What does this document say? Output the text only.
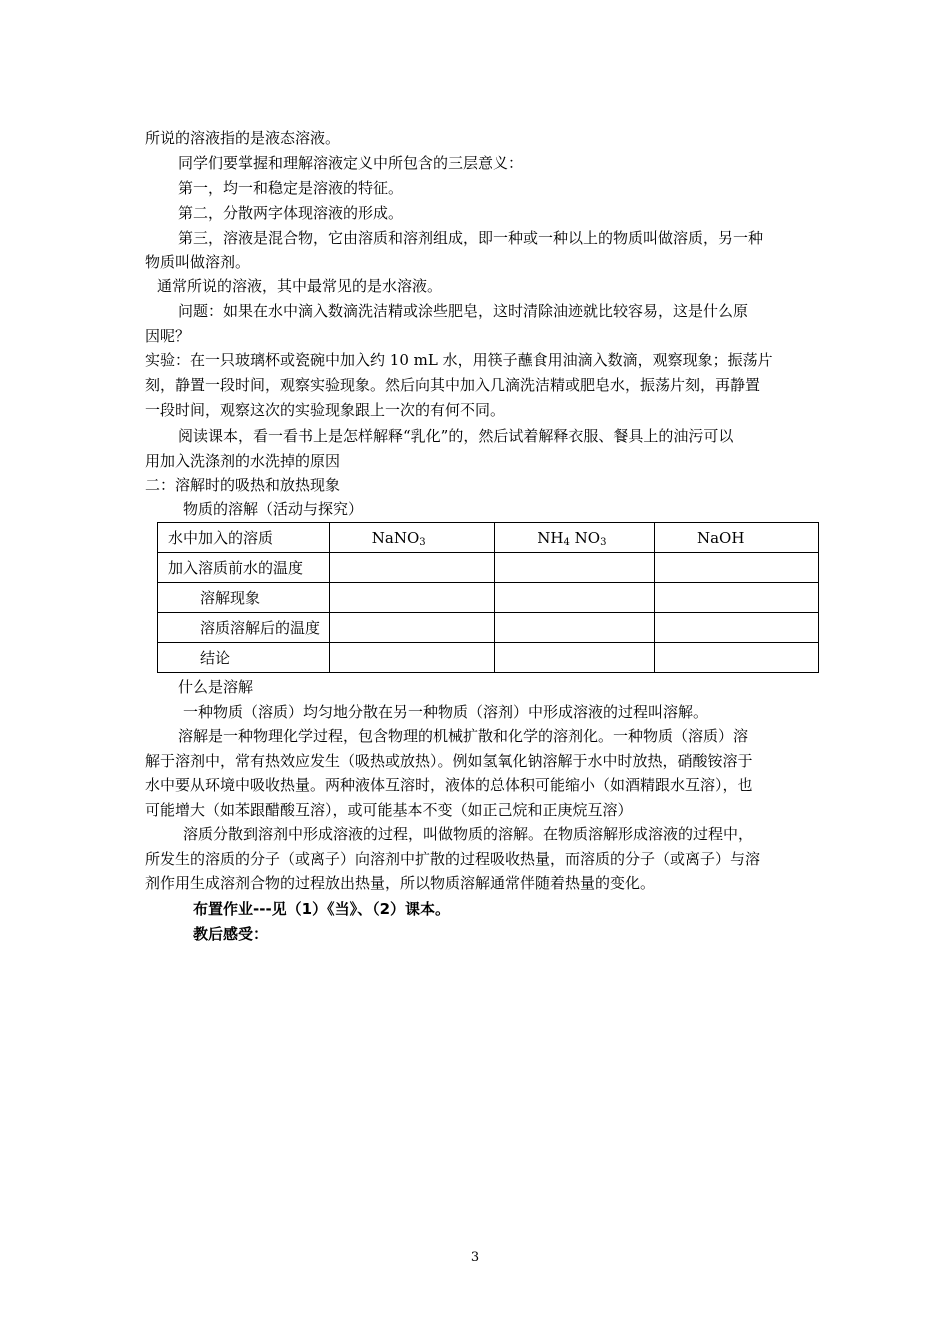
所说的溶液指的是液态溶液。
同学们要掌握和理解溶液定义中所包含的三层意义：
第一，均一和稳定是溶液的特征。
第二，分散两字体现溶液的形成。
第三，溶液是混合物，它由溶质和溶剂组成，即一种或一种以上的物质叫做溶质，另一种
物质叫做溶剂。
通常所说的溶液，其中最常见的是水溶液。
问题：如果在水中滴入数滴洗洁精或涂些肥皂，这时清除油迹就比较容易，这是什么原
因呢？
实验：在一只玻璃杯或瓷碗中加入约 10 mL 水，用筷子蘸食用油滴入数滴，观察现象；振荡片
刻，静置一段时间，观察实验现象。然后向其中加入几滴洗洁精或肥皂水，振荡片刻，再静置
一段时间，观察这次的实验现象跟上一次的有何不同。
阅读课本，看一看书上是怎样解释“乳化”的，然后试着解释衣服、餐具上的油污可以
用加入洗涤剂的水洗掉的原因
二：溶解时的吸热和放热现象
物质的溶解（活动与探究）
水中加入的溶质	NaNO$_3$	$NH_4$ $NO_3$	NaOH
加入溶质前水的温度			
溶解现象			
溶质溶解后的温度			
结论			
什么是溶解
一种物质（溶质）均匀地分散在另一种物质（溶剂）中形成溶液的过程叫溶解。
溶解是一种物理化学过程，包含物理的机械扩散和化学的溶剂化。一种物质（溶质）溶
解于溶剂中，常有热效应发生（吸热或放热）。例如氢氧化钠溶解于水中时放热，硝酸铵溶于
水中要从环境中吸收热量。两种液体互溶时，液体的总体积可能缩小（如酒精跟水互溶），也
可能增大（如苯跟醋酸互溶），或可能基本不变（如正己烷和正庚烷互溶）
溶质分散到溶剂中形成溶液的过程，叫做物质的溶解。在物质溶解形成溶液的过程中，
所发生的溶质的分子（或离子）向溶剂中扩散的过程吸收热量，而溶质的分子（或离子）与溶
剂作用生成溶剂合物的过程放出热量，所以物质溶解通常伴随着热量的变化。
布置作业---见（1）《当》、（2）课本。
教后感受：
3
